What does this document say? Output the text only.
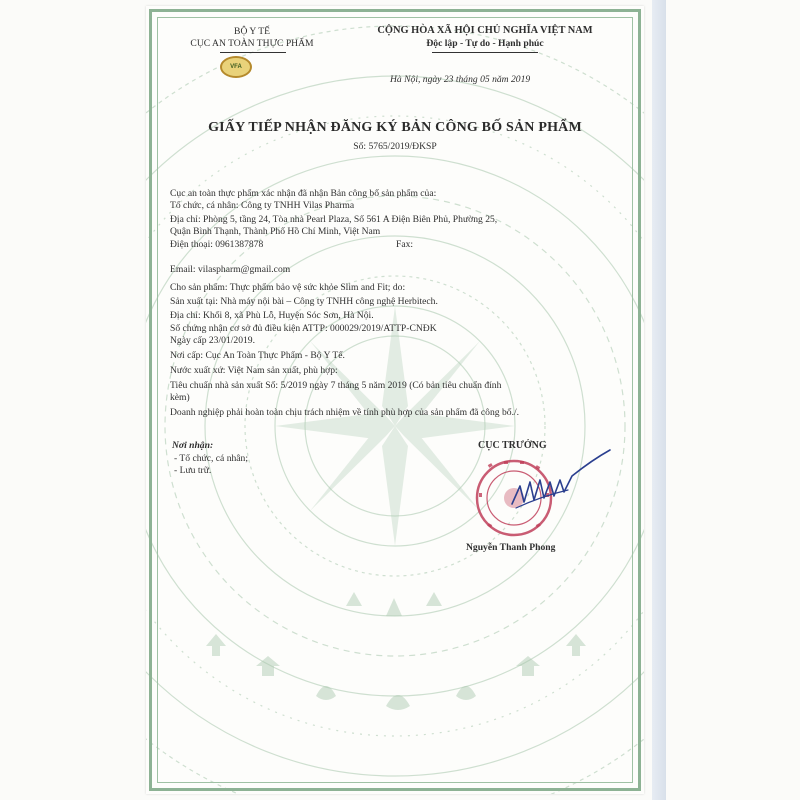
BỘ Y TẾ
CỤC AN TOÀN THỰC PHẨM
VFA
CỘNG HÒA XÃ HỘI CHỦ NGHĨA VIỆT NAM
Độc lập - Tự do - Hạnh phúc
Hà Nội, ngày 23 tháng 05 năm 2019
GIẤY TIẾP NHẬN ĐĂNG KÝ BẢN CÔNG BỐ SẢN PHẨM
Số: 5765/2019/ĐKSP
Cục an toàn thực phẩm xác nhận đã nhận Bản công bố sản phẩm của:
Tổ chức, cá nhân: Công ty TNHH Vilas Pharma
Địa chỉ: Phòng 5, tầng 24, Tòa nhà Pearl Plaza, Số 561 A Điện Biên Phủ, Phường 25,
Quận Bình Thạnh, Thành Phố Hồ Chí Minh, Việt Nam
Điện thoại: 0961387878	Fax:
Email: vilaspharm@gmail.com
Cho sản phẩm: Thực phẩm bảo vệ sức khỏe Slim and Fit; do:
Sản xuất tại: Nhà máy nội bài – Công ty TNHH công nghệ Herbitech.
Địa chỉ: Khối 8, xã Phù Lỗ, Huyện Sóc Sơn, Hà Nội.
Số chứng nhận cơ sở đủ điều kiện ATTP: 000029/2019/ATTP-CNĐK
Ngày cấp 23/01/2019.
Nơi cấp: Cục An Toàn Thực Phẩm - Bộ Y Tế.
Nước xuất xứ: Việt Nam sản xuất, phù hợp:
Tiêu chuẩn nhà sản xuất Số: 5/2019 ngày 7 tháng 5 năm 2019 (Có bản tiêu chuẩn đính
kèm)
Doanh nghiệp phải hoàn toàn chịu trách nhiệm về tính phù hợp của sản phẩm đã công bố./.
Nơi nhận:
- Tổ chức, cá nhân;
- Lưu trữ.
CỤC TRƯỞNG
Nguyễn Thanh Phong
